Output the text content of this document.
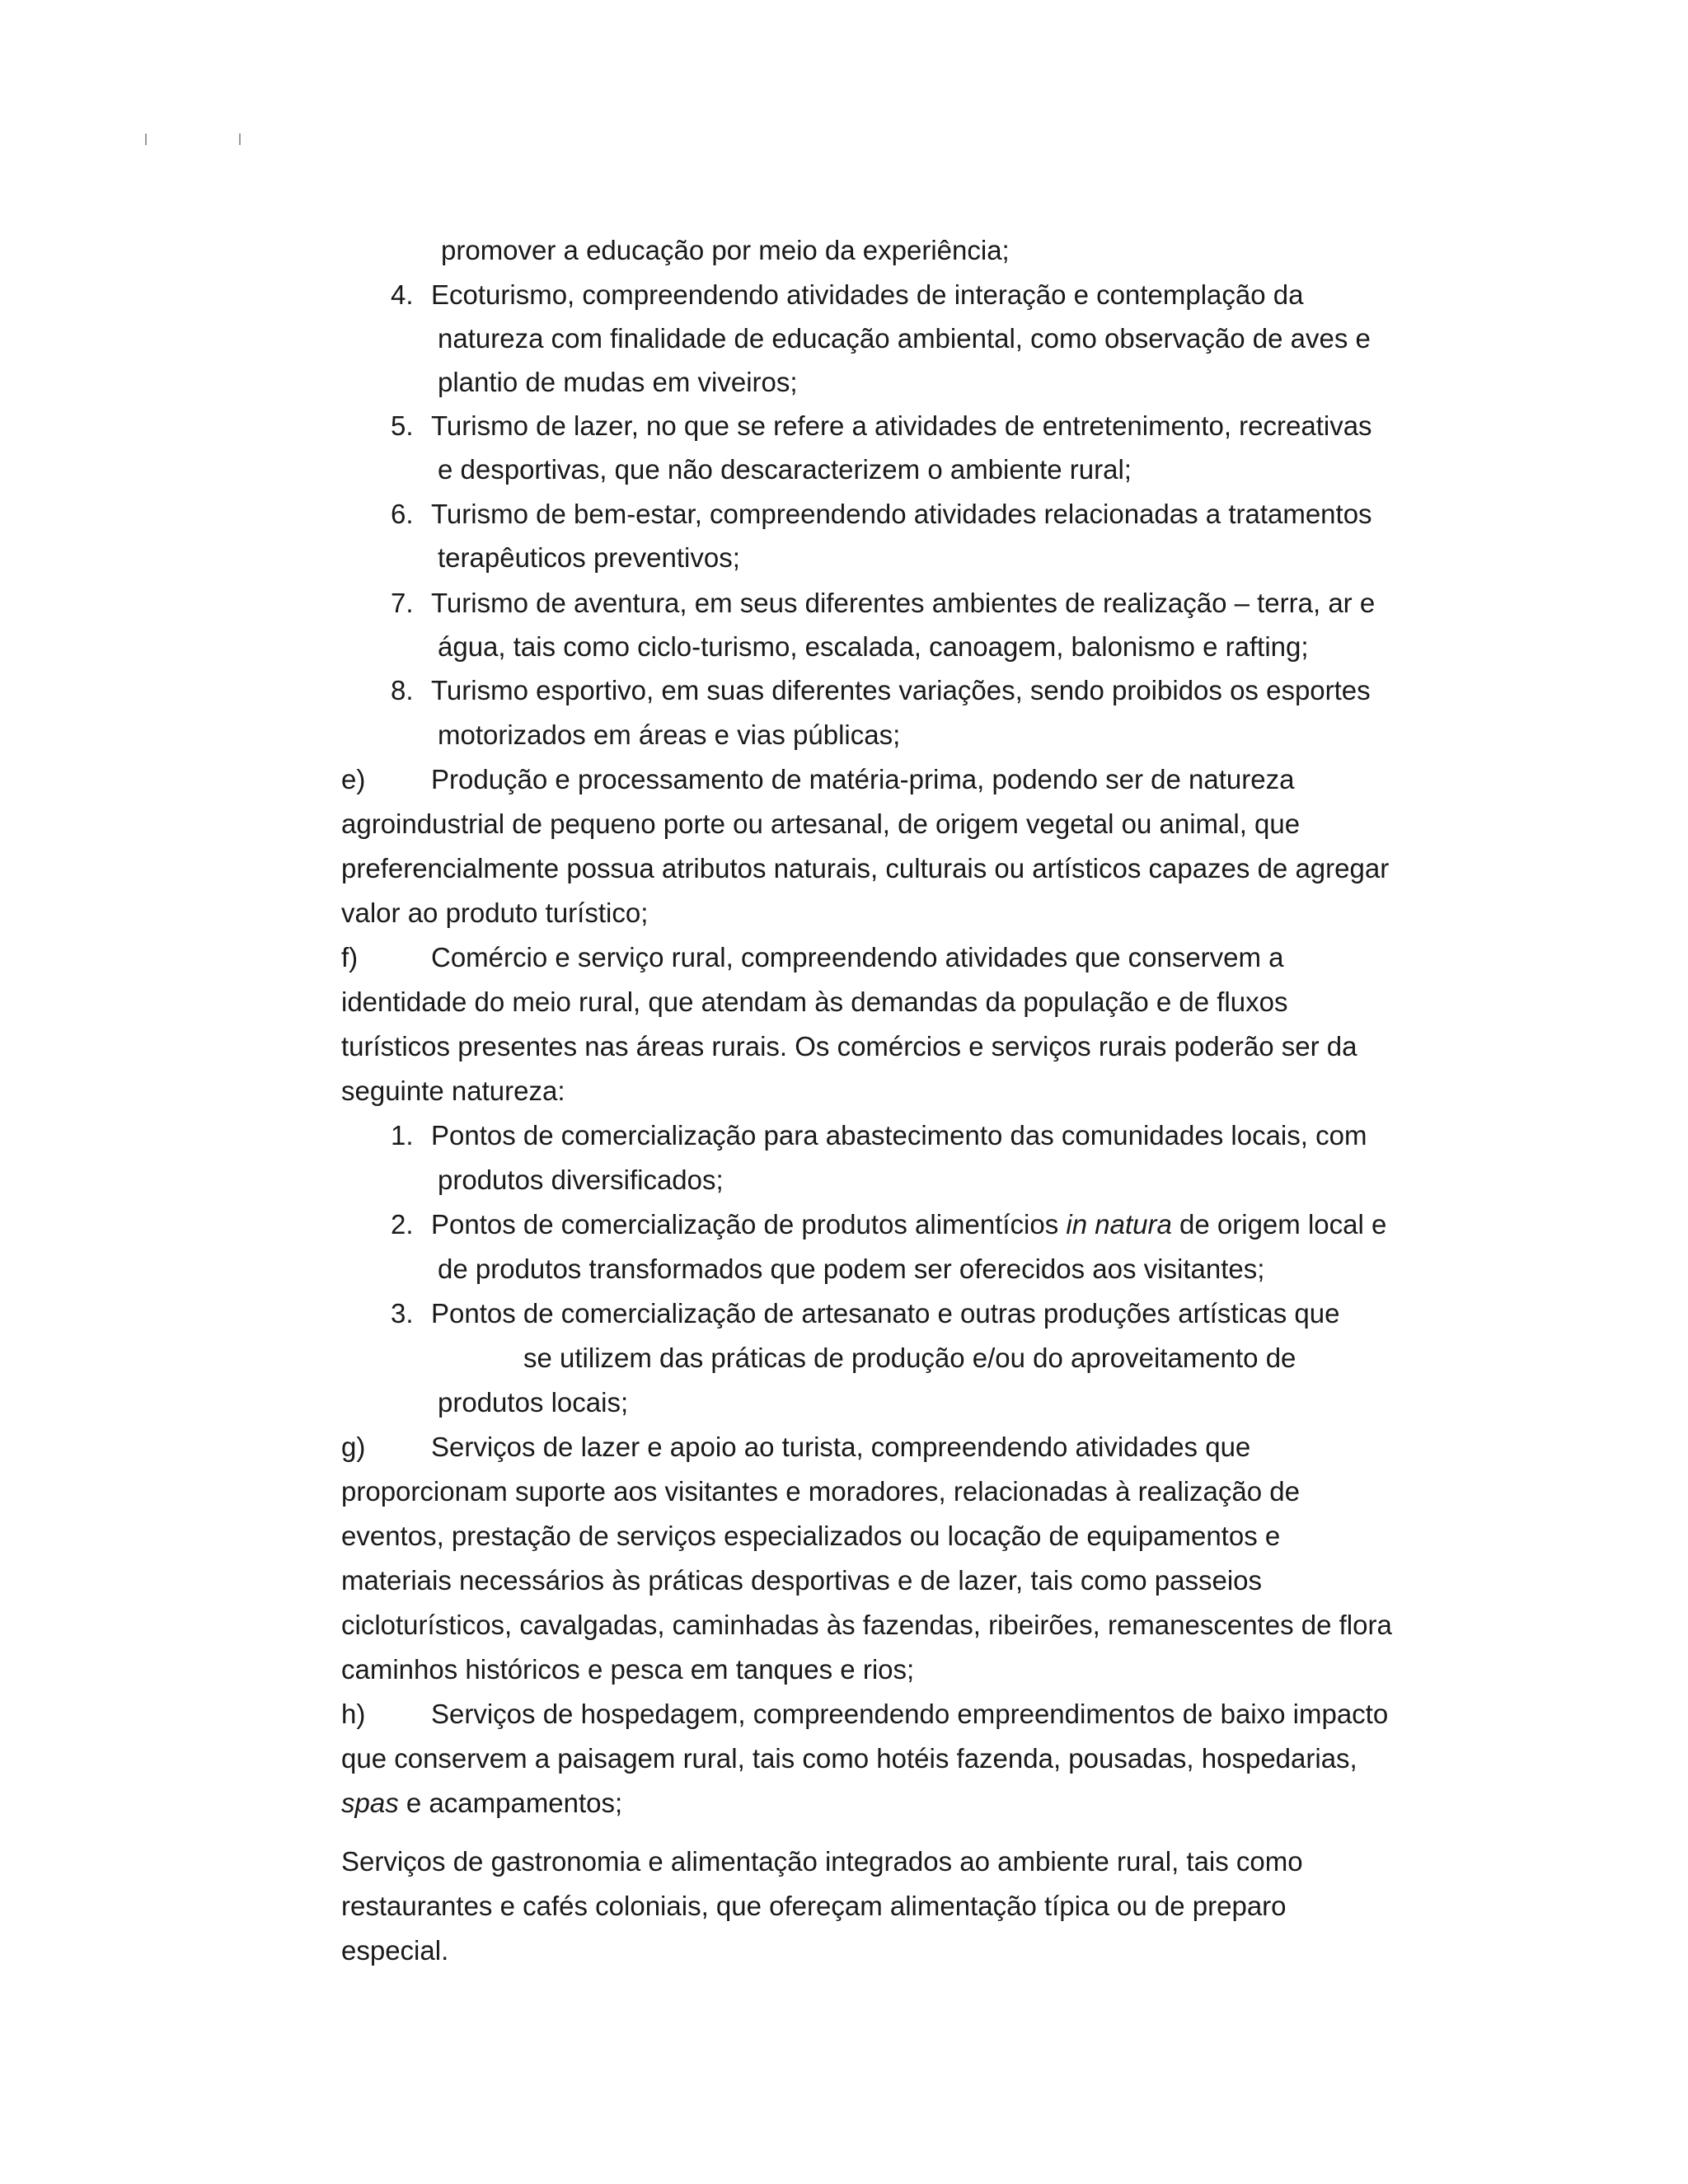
promover a educação por meio da experiência;
4. Ecoturismo, compreendendo atividades de interação e contemplação da
natureza com finalidade de educação ambiental, como observação de aves e
plantio de mudas em viveiros;
5. Turismo de lazer, no que se refere a atividades de entretenimento, recreativas
e desportivas, que não descaracterizem o ambiente rural;
6. Turismo de bem-estar, compreendendo atividades relacionadas a tratamentos
terapêuticos preventivos;
7. Turismo de aventura, em seus diferentes ambientes de realização – terra, ar e
água, tais como ciclo-turismo, escalada, canoagem, balonismo e rafting;
8. Turismo esportivo, em suas diferentes variações, sendo proibidos os esportes
motorizados em áreas e vias públicas;
e) Produção e processamento de matéria-prima, podendo ser de natureza
agroindustrial de pequeno porte ou artesanal, de origem vegetal ou animal, que
preferencialmente possua atributos naturais, culturais ou artísticos capazes de agregar
valor ao produto turístico;
f)	Comércio e serviço rural, compreendendo atividades que conservem a
identidade do meio rural, que atendam às demandas da população e de fluxos
turísticos presentes nas áreas rurais. Os comércios e serviços rurais poderão ser da
seguinte natureza:
1. Pontos de comercialização para abastecimento das comunidades locais, com
produtos diversificados;
2. Pontos de comercialização de produtos alimentícios in natura de origem local e
de produtos transformados que podem ser oferecidos aos visitantes;
3. Pontos de comercialização de artesanato e outras produções artísticas que
se utilizem das práticas de produção e/ou do aproveitamento de
produtos locais;
g) Serviços de lazer e apoio ao turista, compreendendo atividades que
proporcionam suporte aos visitantes e moradores, relacionadas à realização de
eventos, prestação de serviços especializados ou locação de equipamentos e
materiais necessários às práticas desportivas e de lazer, tais como passeios
cicloturísticos, cavalgadas, caminhadas às fazendas, ribeirões, remanescentes de flora
caminhos históricos e pesca em tanques e rios;
h) Serviços de hospedagem, compreendendo empreendimentos de baixo impacto
que conservem a paisagem rural, tais como hotéis fazenda, pousadas, hospedarias,
spas e acampamentos;
Serviços de gastronomia e alimentação integrados ao ambiente rural, tais como
restaurantes e cafés coloniais, que ofereçam alimentação típica ou de preparo
especial.
